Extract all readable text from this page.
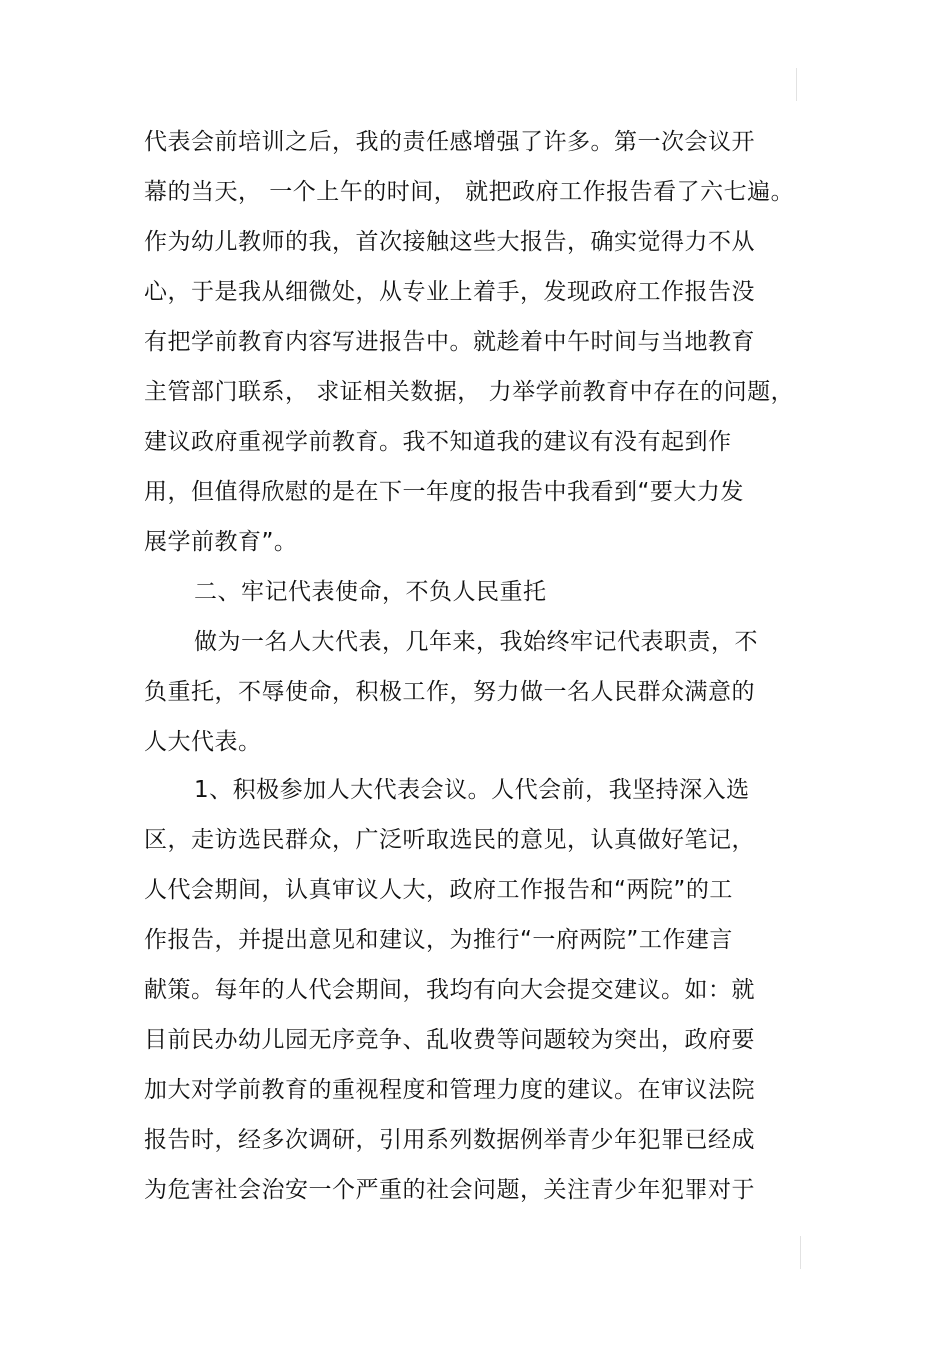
代表会前培训之后，我的责任感增强了许多。第一次会议开
幕的当天， 一个上午的时间， 就把政府工作报告看了六七遍。
作为幼儿教师的我，首次接触这些大报告，确实觉得力不从
心，于是我从细微处，从专业上着手，发现政府工作报告没
有把学前教育内容写进报告中。就趁着中午时间与当地教育
主管部门联系， 求证相关数据， 力举学前教育中存在的问题，
建议政府重视学前教育。我不知道我的建议有没有起到作
用，但值得欣慰的是在下一年度的报告中我看到“要大力发
展学前教育”。
二、牢记代表使命，不负人民重托
做为一名人大代表，几年来，我始终牢记代表职责，不
负重托，不辱使命，积极工作，努力做一名人民群众满意的
人大代表。
1、积极参加人大代表会议。人代会前，我坚持深入选
区，走访选民群众，广泛听取选民的意见，认真做好笔记，
人代会期间，认真审议人大，政府工作报告和“两院”的工
作报告，并提出意见和建议，为推行“一府两院”工作建言
献策。每年的人代会期间，我均有向大会提交建议。如：就
目前民办幼儿园无序竞争、乱收费等问题较为突出，政府要
加大对学前教育的重视程度和管理力度的建议。在审议法院
报告时，经多次调研，引用系列数据例举青少年犯罪已经成
为危害社会治安一个严重的社会问题，关注青少年犯罪对于
